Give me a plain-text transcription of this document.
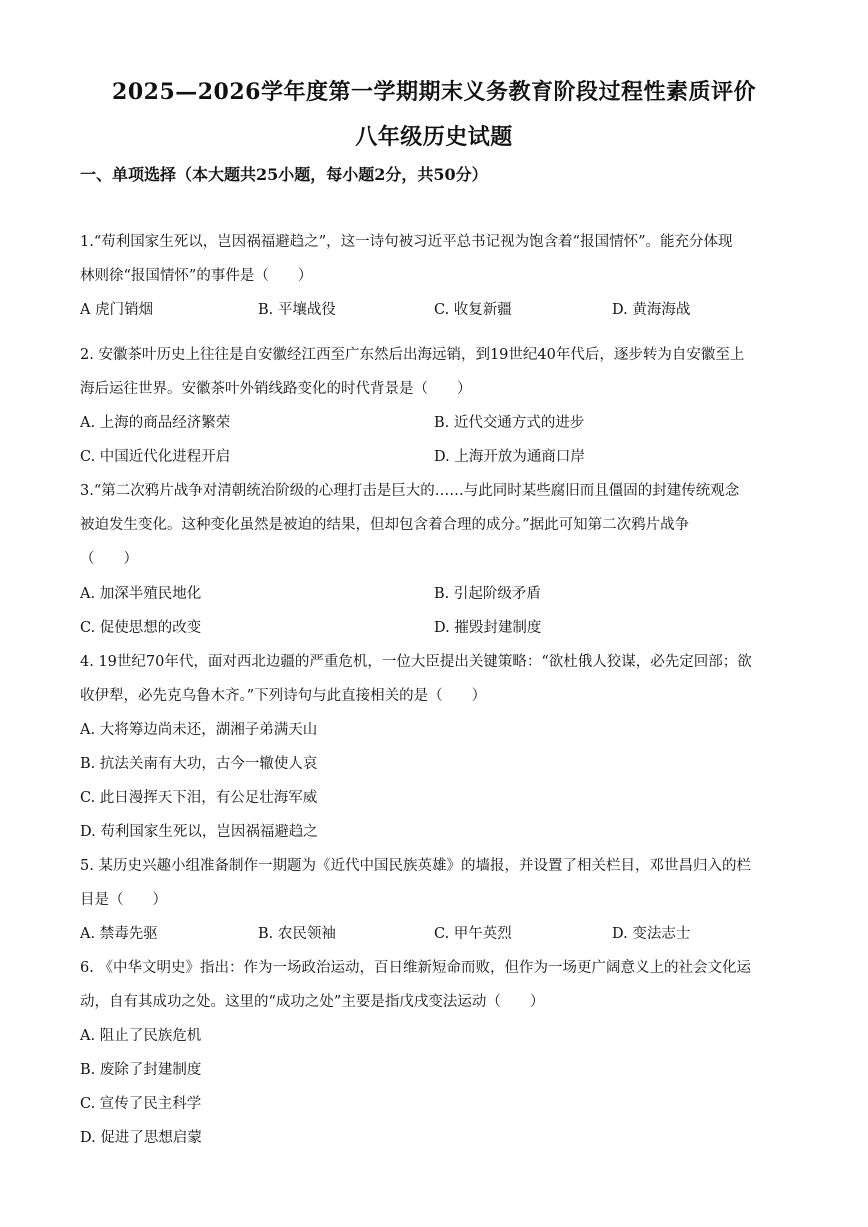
2025—2026学年度第一学期期末义务教育阶段过程性素质评价
八年级历史试题
一、单项选择（本大题共25小题，每小题2分，共50分）
1.“苟利国家生死以，岂因祸福避趋之”，这一诗句被习近平总书记视为饱含着“报国情怀”。能充分体现
林则徐“报国情怀”的事件是（　　）
A 虎门销烟	B. 平壤战役	C. 收复新疆	D. 黄海海战
2. 安徽茶叶历史上往往是自安徽经江西至广东然后出海远销，到19世纪40年代后，逐步转为自安徽至上
海后运往世界。安徽茶叶外销线路变化的时代背景是（　　）
A. 上海的商品经济繁荣	B. 近代交通方式的进步
C. 中国近代化进程开启	D. 上海开放为通商口岸
3.“第二次鸦片战争对清朝统治阶级的心理打击是巨大的……与此同时某些腐旧而且僵固的封建传统观念
被迫发生变化。这种变化虽然是被迫的结果，但却包含着合理的成分。”据此可知第二次鸦片战争
（　　）
A. 加深半殖民地化	B. 引起阶级矛盾
C. 促使思想的改变	D. 摧毁封建制度
4. 19世纪70年代，面对西北边疆的严重危机，一位大臣提出关键策略：“欲杜俄人狡谋，必先定回部；欲
收伊犁，必先克乌鲁木齐。”下列诗句与此直接相关的是（　　）
A. 大将筹边尚未还，湖湘子弟满天山
B. 抗法关南有大功，古今一辙使人哀
C. 此日漫挥天下泪，有公足壮海军威
D. 苟利国家生死以，岂因祸福避趋之
5. 某历史兴趣小组准备制作一期题为《近代中国民族英雄》的墙报，并设置了相关栏目，邓世昌归入的栏
目是（　　）
A. 禁毒先驱	B. 农民领袖	C. 甲午英烈	D. 变法志士
6. 《中华文明史》指出：作为一场政治运动，百日维新短命而败，但作为一场更广阔意义上的社会文化运
动，自有其成功之处。这里的“成功之处”主要是指戊戌变法运动（　　）
A. 阻止了民族危机
B. 废除了封建制度
C. 宣传了民主科学
D. 促进了思想启蒙
